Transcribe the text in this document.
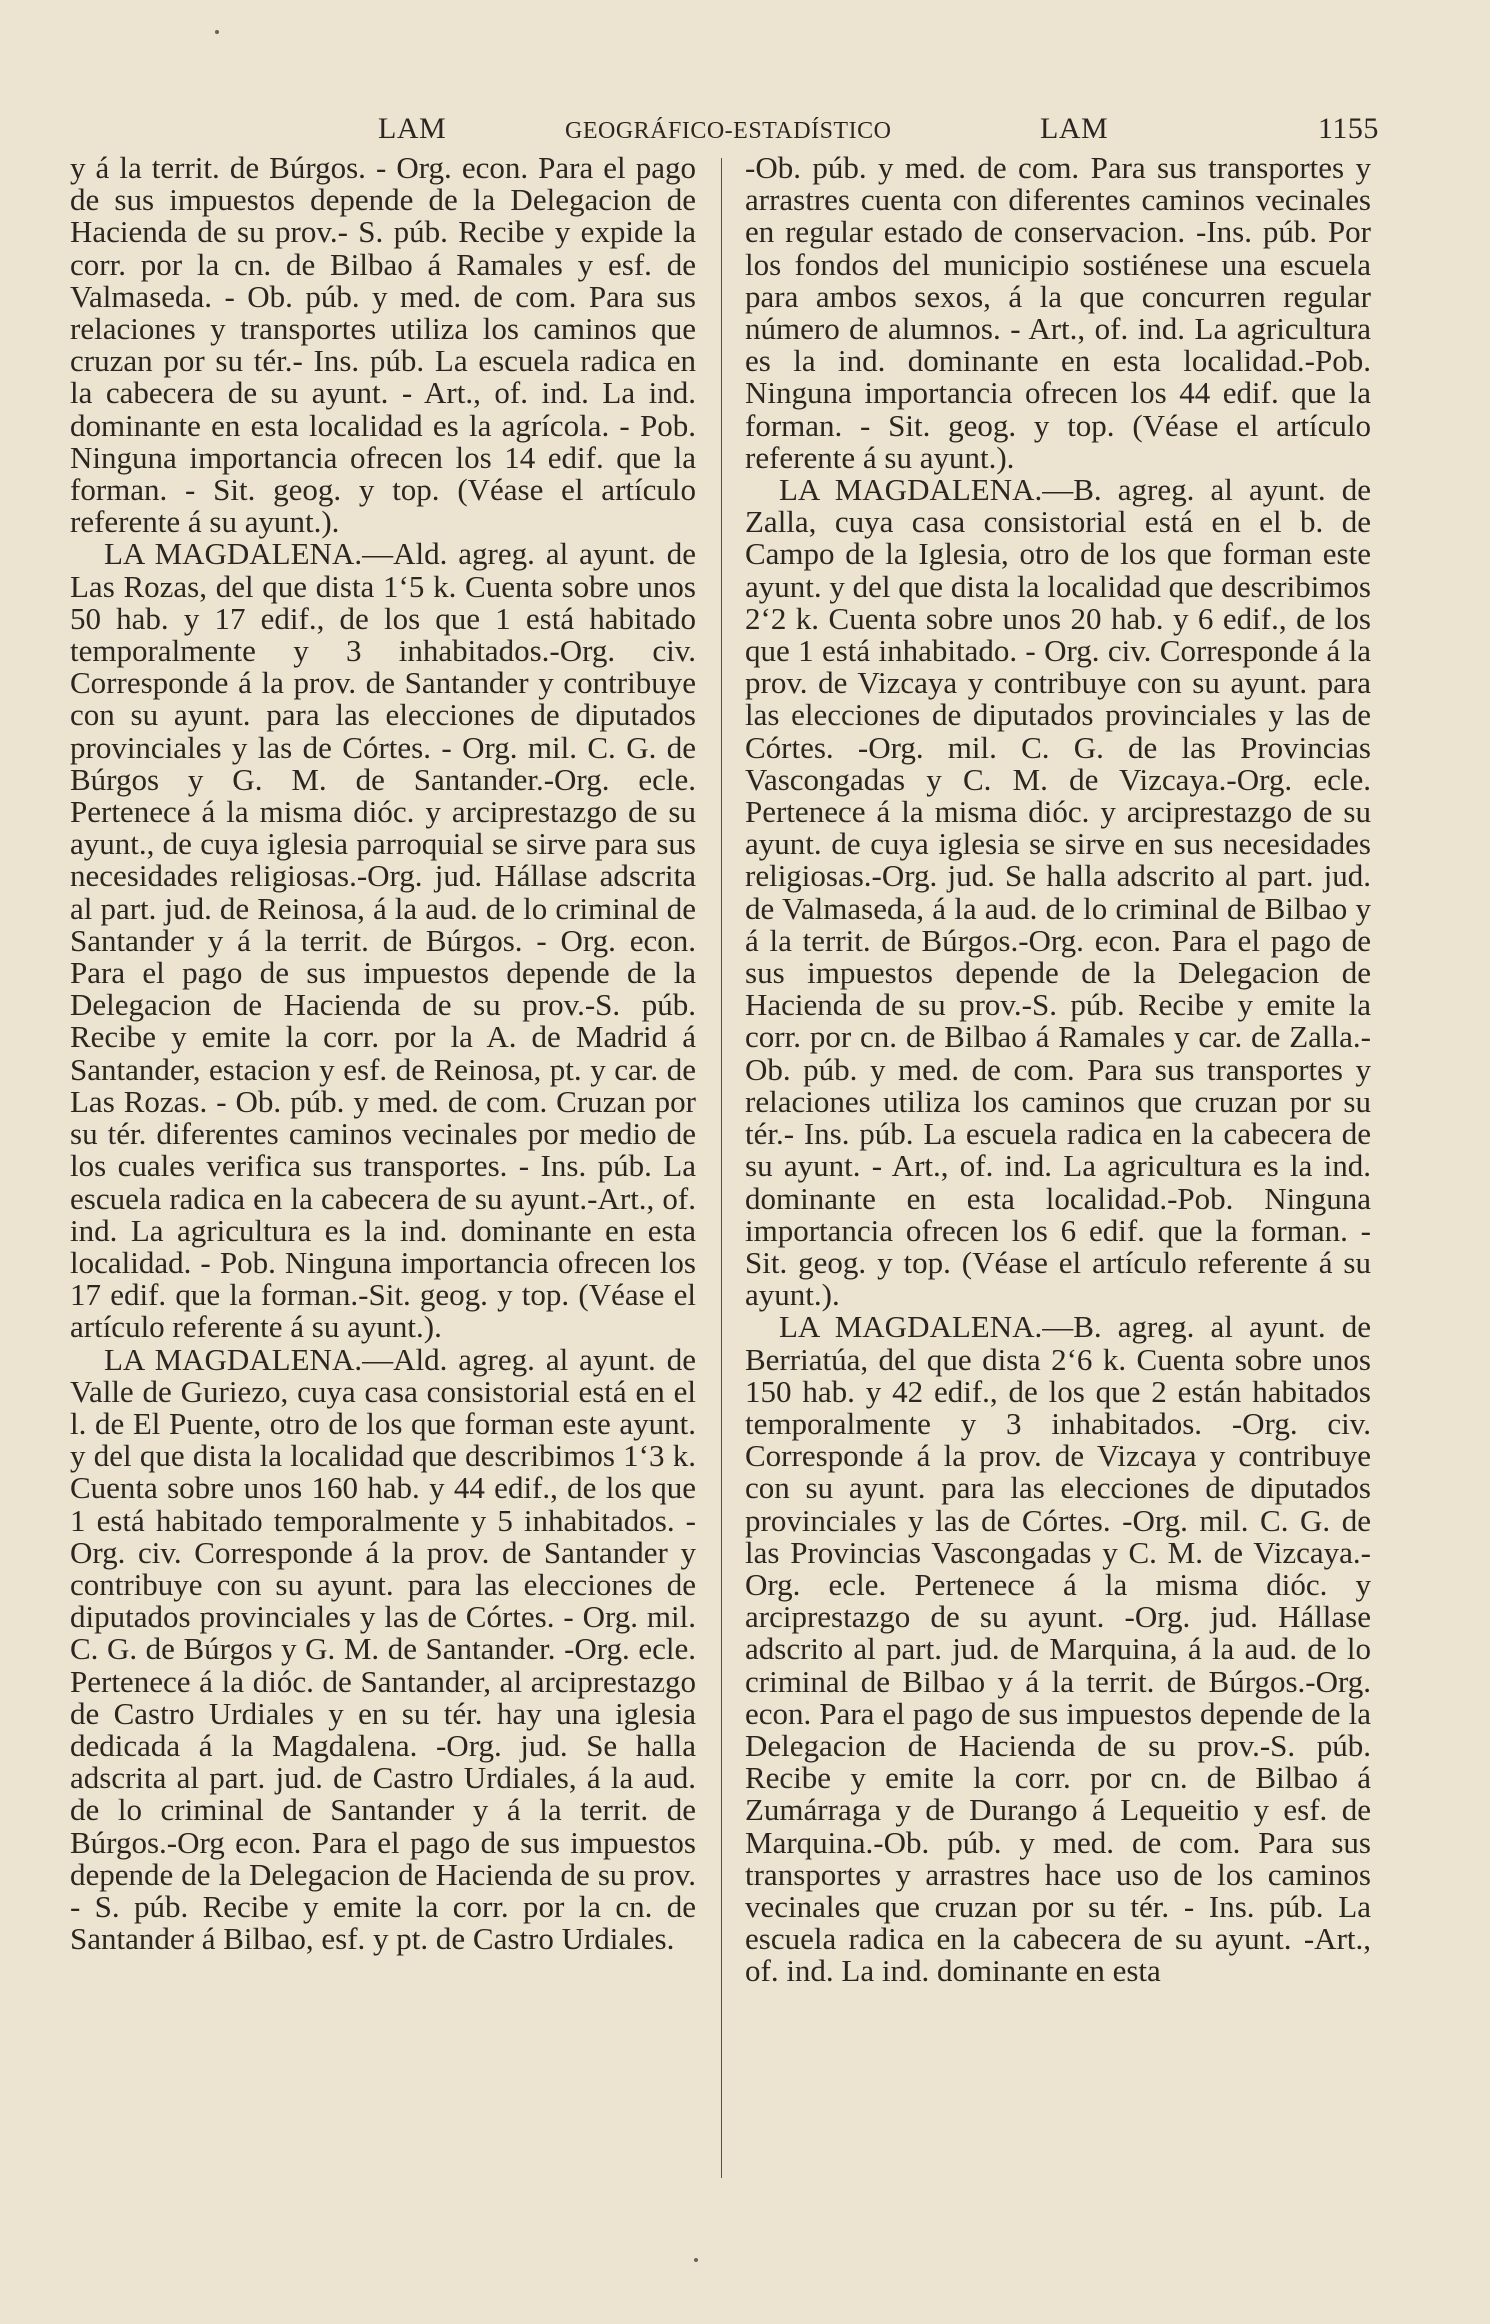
LAM	GEOGRÁFICO-ESTADÍSTICO	LAM	1155

y á la territ. de Búrgos. - Org. econ. Para el pago de sus impuestos depende de la Delegacion de Hacienda de su prov.- S. púb. Recibe y expide la corr. por la cn. de Bilbao á Ramales y esf. de Valmaseda. - Ob. púb. y med. de com. Para sus relaciones y transportes utiliza los caminos que cruzan por su tér.- Ins. púb. La escuela radica en la cabecera de su ayunt. - Art., of. ind. La ind. dominante en esta localidad es la agrícola. - Pob. Ninguna importancia ofrecen los 14 edif. que la forman. - Sit. geog. y top. (Véase el artículo referente á su ayunt.).

LA MAGDALENA.—Ald. agreg. al ayunt. de Las Rozas, del que dista 1‘5 k. Cuenta sobre unos 50 hab. y 17 edif., de los que 1 está habitado temporalmente y 3 inhabitados.-Org. civ. Corresponde á la prov. de Santander y contribuye con su ayunt. para las elecciones de diputados provinciales y las de Córtes. - Org. mil. C. G. de Búrgos y G. M. de Santander.-Org. ecle. Pertenece á la misma dióc. y arciprestazgo de su ayunt., de cuya iglesia parroquial se sirve para sus necesidades religiosas.-Org. jud. Hállase adscrita al part. jud. de Reinosa, á la aud. de lo criminal de Santander y á la territ. de Búrgos. - Org. econ. Para el pago de sus impuestos depende de la Delegacion de Hacienda de su prov.-S. púb. Recibe y emite la corr. por la A. de Madrid á Santander, estacion y esf. de Reinosa, pt. y car. de Las Rozas. - Ob. púb. y med. de com. Cruzan por su tér. diferentes caminos vecinales por medio de los cuales verifica sus transportes. - Ins. púb. La escuela radica en la cabecera de su ayunt.-Art., of. ind. La agricultura es la ind. dominante en esta localidad. - Pob. Ninguna importancia ofrecen los 17 edif. que la forman.-Sit. geog. y top. (Véase el artículo referente á su ayunt.).

LA MAGDALENA.—Ald. agreg. al ayunt. de Valle de Guriezo, cuya casa consistorial está en el l. de El Puente, otro de los que forman este ayunt. y del que dista la localidad que describimos 1‘3 k. Cuenta sobre unos 160 hab. y 44 edif., de los que 1 está habitado temporalmente y 5 inhabitados. - Org. civ. Corresponde á la prov. de Santander y contribuye con su ayunt. para las elecciones de diputados provinciales y las de Córtes. - Org. mil. C. G. de Búrgos y G. M. de Santander. -Org. ecle. Pertenece á la dióc. de Santander, al arciprestazgo de Castro Urdiales y en su tér. hay una iglesia dedicada á la Magdalena. -Org. jud. Se halla adscrita al part. jud. de Castro Urdiales, á la aud. de lo criminal de Santander y á la territ. de Búrgos.-Org econ. Para el pago de sus impuestos depende de la Delegacion de Hacienda de su prov. - S. púb. Recibe y emite la corr. por la cn. de Santander á Bilbao, esf. y pt. de Castro Urdiales.

-Ob. púb. y med. de com. Para sus transportes y arrastres cuenta con diferentes caminos vecinales en regular estado de conservacion. -Ins. púb. Por los fondos del municipio sostiénese una escuela para ambos sexos, á la que concurren regular número de alumnos. - Art., of. ind. La agricultura es la ind. dominante en esta localidad.-Pob. Ninguna importancia ofrecen los 44 edif. que la forman. - Sit. geog. y top. (Véase el artículo referente á su ayunt.).

LA MAGDALENA.—B. agreg. al ayunt. de Zalla, cuya casa consistorial está en el b. de Campo de la Iglesia, otro de los que forman este ayunt. y del que dista la localidad que describimos 2‘2 k. Cuenta sobre unos 20 hab. y 6 edif., de los que 1 está inhabitado. - Org. civ. Corresponde á la prov. de Vizcaya y contribuye con su ayunt. para las elecciones de diputados provinciales y las de Córtes. -Org. mil. C. G. de las Provincias Vascongadas y C. M. de Vizcaya.-Org. ecle. Pertenece á la misma dióc. y arciprestazgo de su ayunt. de cuya iglesia se sirve en sus necesidades religiosas.-Org. jud. Se halla adscrito al part. jud. de Valmaseda, á la aud. de lo criminal de Bilbao y á la territ. de Búrgos.-Org. econ. Para el pago de sus impuestos depende de la Delegacion de Hacienda de su prov.-S. púb. Recibe y emite la corr. por cn. de Bilbao á Ramales y car. de Zalla.- Ob. púb. y med. de com. Para sus transportes y relaciones utiliza los caminos que cruzan por su tér.- Ins. púb. La escuela radica en la cabecera de su ayunt. - Art., of. ind. La agricultura es la ind. dominante en esta localidad.-Pob. Ninguna importancia ofrecen los 6 edif. que la forman. - Sit. geog. y top. (Véase el artículo referente á su ayunt.).

LA MAGDALENA.—B. agreg. al ayunt. de Berriatúa, del que dista 2‘6 k. Cuenta sobre unos 150 hab. y 42 edif., de los que 2 están habitados temporalmente y 3 inhabitados. -Org. civ. Corresponde á la prov. de Vizcaya y contribuye con su ayunt. para las elecciones de diputados provinciales y las de Córtes. -Org. mil. C. G. de las Provincias Vascongadas y C. M. de Vizcaya.-Org. ecle. Pertenece á la misma dióc. y arciprestazgo de su ayunt. -Org. jud. Hállase adscrito al part. jud. de Marquina, á la aud. de lo criminal de Bilbao y á la territ. de Búrgos.-Org. econ. Para el pago de sus impuestos depende de la Delegacion de Hacienda de su prov.-S. púb. Recibe y emite la corr. por cn. de Bilbao á Zumárraga y de Durango á Lequeitio y esf. de Marquina.-Ob. púb. y med. de com. Para sus transportes y arrastres hace uso de los caminos vecinales que cruzan por su tér. - Ins. púb. La escuela radica en la cabecera de su ayunt. -Art., of. ind. La ind. dominante en esta
